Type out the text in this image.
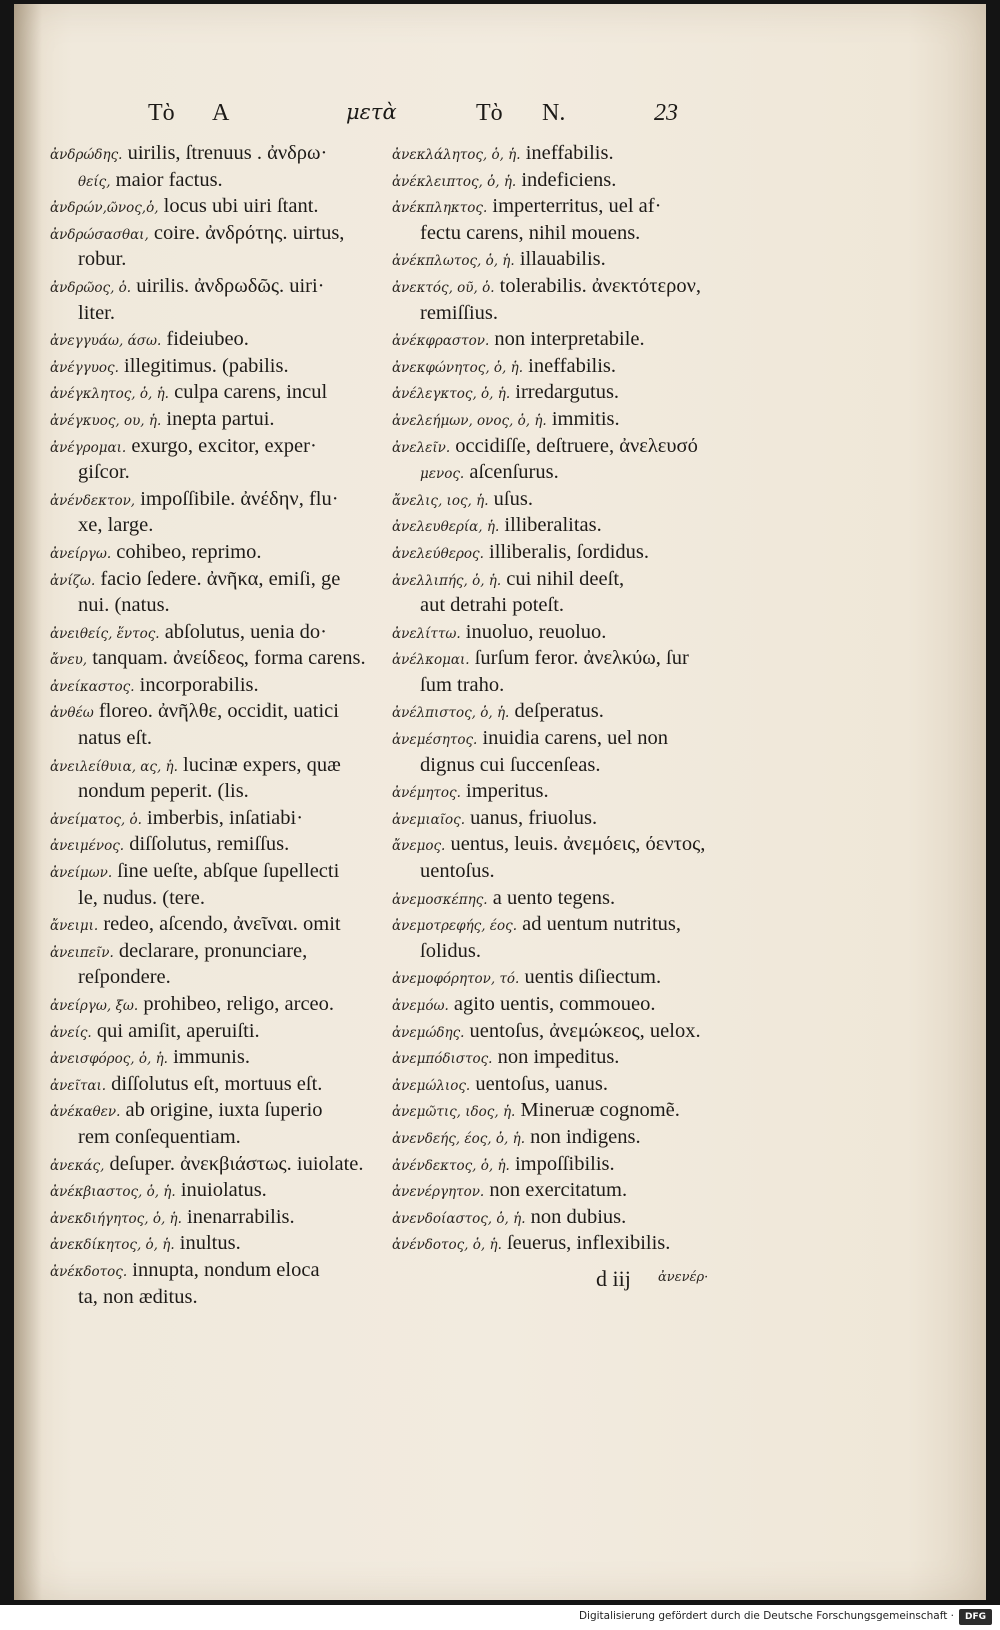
Τὸ A	μετὰ	Τὸ N.	23
ἀνδρώδης. uirilis, ſtrenuus . ἀνδρω·
θείς, maior factus.
ἀνδρών,ῶνος,ὁ, locus ubi uiri ſtant.
ἀνδρώσασθαι, coire. ἀνδρότης. uirtus,
robur.
ἀνδρῶος, ὁ. uirilis. ἀνδρωδῶς. uiri·
liter.
ἀνεγγυάω, άσω. fideiubeo.
ἀνέγγυος. illegitimus. (pabilis.
ἀνέγκλητος, ὁ, ἡ. culpa carens, incul
ἀνέγκυος, ου, ἡ. inepta partui.
ἀνέγρομαι. exurgo, excitor, exper·
giſcor.
ἀνένδεκτον, impoſſibile. ἀνέδην, flu·
xe, large.
ἀνείργω. cohibeo, reprimo.
ἀνίζω. facio ſedere. ἀνῆκα, emiſi, ge
nui. (natus.
ἀνειθείς, ἕντος. abſolutus, uenia do·
ἄνευ, tanquam. ἀνείδεος, forma carens.
ἀνείκαστος. incorporabilis.
ἀνθέω floreo. ἀνῆλθε, occidit, uatici
natus eſt.
ἀνειλείθυια, ας, ἡ. lucinæ expers, quæ
nondum peperit. (lis.
ἀνείματος, ὁ. imberbis, inſatiabi·
ἀνειμένος. diſſolutus, remiſſus.
ἀνείμων. ſine ueſte, abſque ſupellecti
le, nudus. (tere.
ἄνειμι. redeo, aſcendo, ἀνεῖναι. omit
ἀνειπεῖν. declarare, pronunciare,
reſpondere.
ἀνείργω, ξω. prohibeo, religo, arceo.
ἀνείς. qui amiſit, aperuiſti.
ἀνεισφόρος, ὁ, ἡ. immunis.
ἀνεῖται. diſſolutus eſt, mortuus eſt.
ἀνέκαθεν. ab origine, iuxta ſuperio
rem conſequentiam.
ἀνεκάς, deſuper. ἀνεκβιάστως. iuiolate.
ἀνέκβιαστος, ὁ, ἡ. inuiolatus.
ἀνεκδιήγητος, ὁ, ἡ. inenarrabilis.
ἀνεκδίκητος, ὁ, ἡ. inultus.
ἀνέκδοτος. innupta, nondum eloca
ta, non æditus.
ἀνεκλάλητος, ὁ, ἡ. ineffabilis.
ἀνέκλειπτος, ὁ, ἡ. indeficiens.
ἀνέκπληκτος. imperterritus, uel af·
fectu carens, nihil mouens.
ἀνέκπλωτος, ὁ, ἡ. illauabilis.
ἀνεκτός, οῦ, ὁ. tolerabilis. ἀνεκτότερον,
remiſſius.
ἀνέκφραστον. non interpretabile.
ἀνεκφώνητος, ὁ, ἡ. ineffabilis.
ἀνέλεγκτος, ὁ, ἡ. irredargutus.
ἀνελεήμων, ονος, ὁ, ἡ. immitis.
ἀνελεῖν. occidiſſe, deſtruere, ἀνελευσό
μενος. aſcenſurus.
ἄνελις, ιος, ἡ. uſus.
ἀνελευθερία, ἡ. illiberalitas.
ἀνελεύθερος. illiberalis, ſordidus.
ἀνελλιπής, ὁ, ἡ. cui nihil deeſt,
aut detrahi poteſt.
ἀνελίττω. inuoluo, reuoluo.
ἀνέλκομαι. ſurſum feror. ἀνελκύω, ſur
ſum traho.
ἀνέλπιστος, ὁ, ἡ. deſperatus.
ἀνεμέσητος. inuidia carens, uel non
dignus cui ſuccenſeas.
ἀνέμητος. imperitus.
ἀνεμιαῖος. uanus, friuolus.
ἄνεμος. uentus, leuis. ἀνεμόεις, όεντος,
uentoſus.
ἀνεμοσκέπης. a uento tegens.
ἀνεμοτρεφής, έος. ad uentum nutritus,
ſolidus.
ἀνεμοφόρητον, τό. uentis diſiectum.
ἀνεμόω. agito uentis, commoueo.
ἀνεμώδης. uentoſus, ἀνεμώκεος, uelox.
ἀνεμπόδιστος. non impeditus.
ἀνεμώλιος. uentoſus, uanus.
ἀνεμῶτις, ιδος, ἡ. Mineruæ cognomẽ.
ἀνενδεής, έος, ὁ, ἡ. non indigens.
ἀνένδεκτος, ὁ, ἡ. impoſſibilis.
ἀνενέργητον. non exercitatum.
ἀνενδοίαστος, ὁ, ἡ. non dubius.
ἀνένδοτος, ὁ, ἡ. ſeuerus, inflexibilis.
d iij ἀνενέρ·
Digitalisierung gefördert durch die Deutsche Forschungsgemeinschaft ·	DFG
